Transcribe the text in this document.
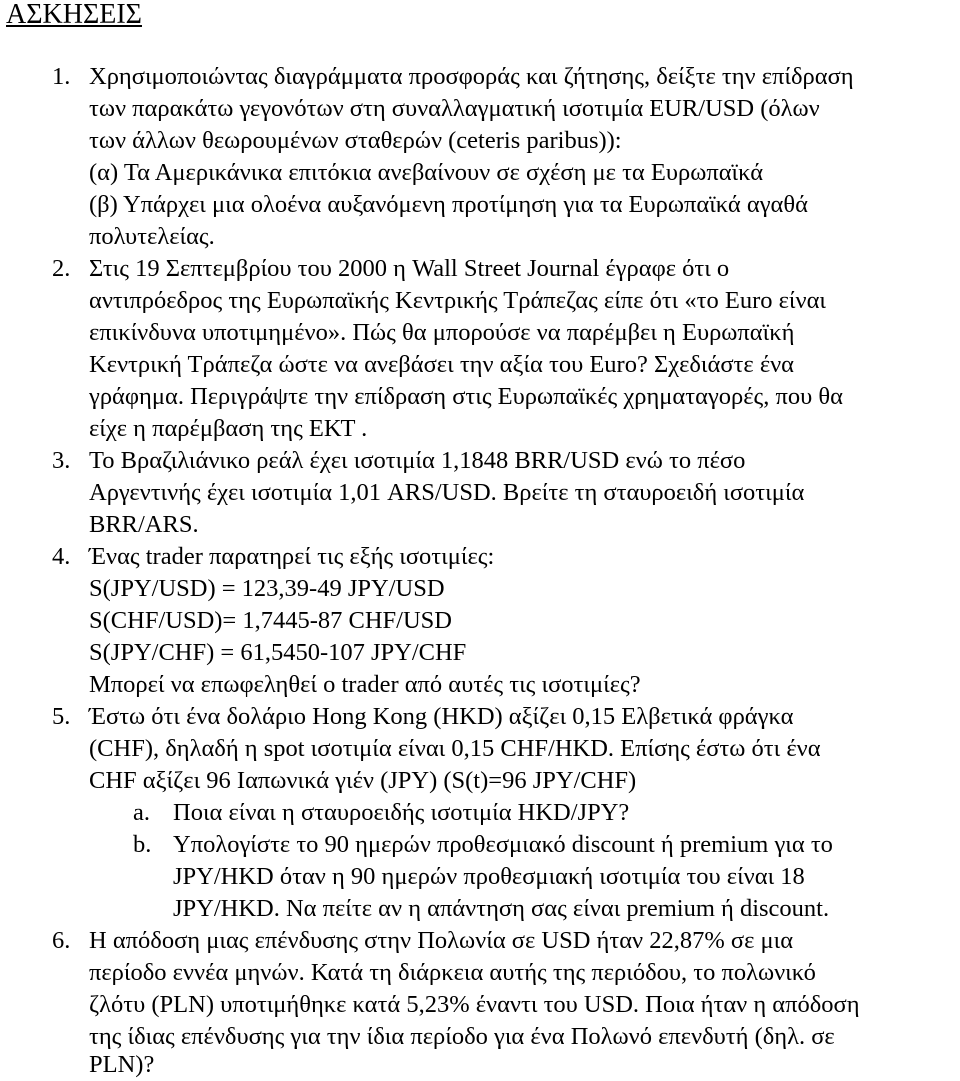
ΑΣΚΗΣΕΙΣ
1. Χρησιμοποιώντας διαγράμματα προσφοράς και ζήτησης, δείξτε την επίδραση
των παρακάτω γεγονότων στη συναλλαγματική ισοτιμία EUR/USD (όλων
των άλλων θεωρουμένων σταθερών (ceteris paribus)):
(α) Τα Αμερικάνικα επιτόκια ανεβαίνουν σε σχέση με τα Ευρωπαϊκά
(β) Υπάρχει μια ολοένα αυξανόμενη προτίμηση για τα Ευρωπαϊκά αγαθά
πολυτελείας.
2. Στις 19 Σεπτεμβρίου του 2000 η Wall Street Journal έγραφε ότι ο
αντιπρόεδρος της Ευρωπαϊκής Κεντρικής Τράπεζας είπε ότι «το Euro είναι
επικίνδυνα υποτιμημένο». Πώς θα μπορούσε να παρέμβει η Ευρωπαϊκή
Κεντρική Τράπεζα ώστε να ανεβάσει την αξία του Euro? Σχεδιάστε ένα
γράφημα. Περιγράψτε την επίδραση στις Ευρωπαϊκές χρηματαγορές, που θα
είχε η παρέμβαση της ΕΚΤ .
3. Το Βραζιλιάνικο ρεάλ έχει ισοτιμία 1,1848 BRR/USD ενώ το πέσο
Αργεντινής έχει ισοτιμία 1,01 ARS/USD. Βρείτε τη σταυροειδή ισοτιμία
BRR/ARS.
4. Ένας trader παρατηρεί τις εξής ισοτιμίες:
S(JPY/USD) = 123,39-49 JPY/USD
S(CHF/USD)= 1,7445-87 CHF/USD
S(JPY/CHF) = 61,5450-107 JPY/CHF
Μπορεί να επωφεληθεί ο trader από αυτές τις ισοτιμίες?
5. Έστω ότι ένα δολάριο Hong Kong (HKD) αξίζει 0,15 Ελβετικά φράγκα
(CHF), δηλαδή η spot ισοτιμία είναι 0,15 CHF/HKD. Επίσης έστω ότι ένα
CHF αξίζει 96 Ιαπωνικά γιέν (JPY) (S(t)=96 JPY/CHF)
a. Ποια είναι η σταυροειδής ισοτιμία HKD/JPY?
b. Υπολογίστε το 90 ημερών προθεσμιακό discount ή premium για το
JPY/HKD όταν η 90 ημερών προθεσμιακή ισοτιμία του είναι 18
JPY/HKD. Να πείτε αν η απάντηση σας είναι premium ή discount.
6. Η απόδοση μιας επένδυσης στην Πολωνία σε USD ήταν 22,87% σε μια
περίοδο εννέα μηνών. Κατά τη διάρκεια αυτής της περιόδου, το πολωνικό
ζλότυ (PLN) υποτιμήθηκε κατά 5,23% έναντι του USD. Ποια ήταν η απόδοση
της ίδιας επένδυσης για την ίδια περίοδο για ένα Πολωνό επενδυτή (δηλ. σε
PLN)?
